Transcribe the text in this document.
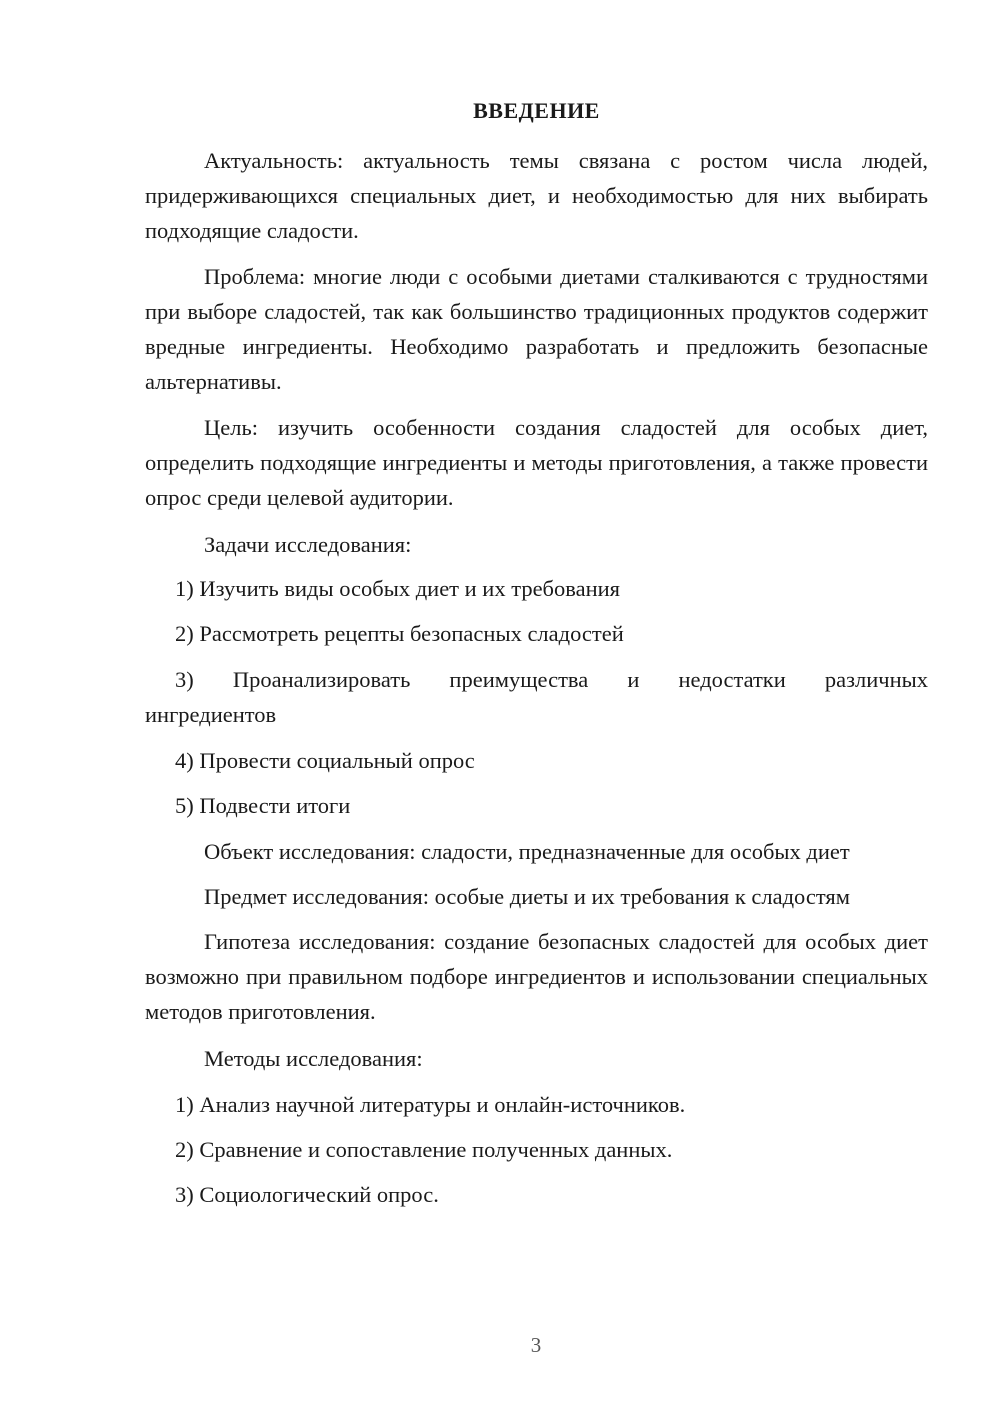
ВВЕДЕНИЕ

Актуальность: актуальность темы связана с ростом числа людей, придерживающихся специальных диет, и необходимостью для них выбирать подходящие сладости.

Проблема: многие люди с особыми диетами сталкиваются с трудностями при выборе сладостей, так как большинство традиционных продуктов содержит вредные ингредиенты. Необходимо разработать и предложить безопасные альтернативы.

Цель: изучить особенности создания сладостей для особых диет, определить подходящие ингредиенты и методы приготовления, а также провести опрос среди целевой аудитории.

Задачи исследования:

1) Изучить виды особых диет и их требования

2) Рассмотреть рецепты безопасных сладостей

3) Проанализировать преимущества и недостатки различных

ингредиентов

4) Провести социальный опрос

5) Подвести итоги

Объект исследования: сладости, предназначенные для особых диет

Предмет исследования: особые диеты и их требования к сладостям

Гипотеза исследования: создание безопасных сладостей для особых диет возможно при правильном подборе ингредиентов и использовании специальных методов приготовления.

Методы исследования:

1) Анализ научной литературы и онлайн-источников.

2) Сравнение и сопоставление полученных данных.

3) Социологический опрос.

3
